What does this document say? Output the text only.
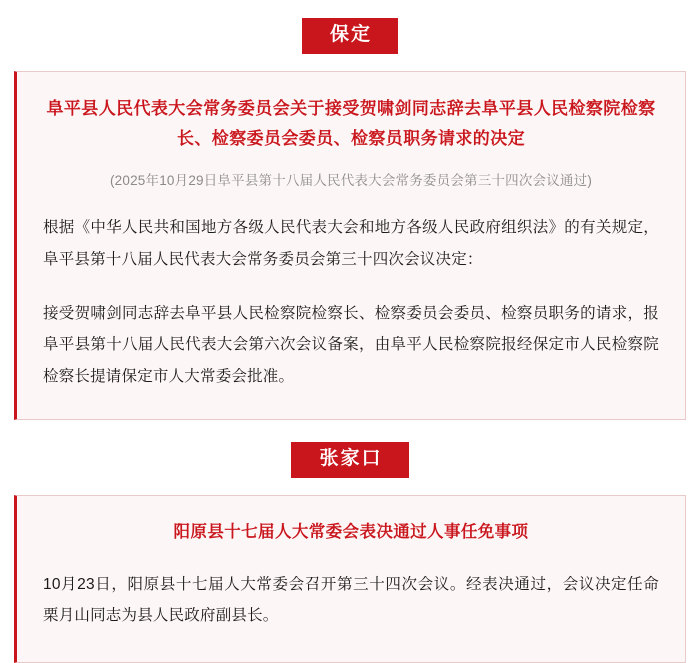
保定
阜平县人民代表大会常务委员会关于接受贺啸剑同志辞去阜平县人民检察院检察长、检察委员会委员、检察员职务请求的决定
(2025年10月29日阜平县第十八届人民代表大会常务委员会第三十四次会议通过)
根据《中华人民共和国地方各级人民代表大会和地方各级人民政府组织法》的有关规定，阜平县第十八届人民代表大会常务委员会第三十四次会议决定：
接受贺啸剑同志辞去阜平县人民检察院检察长、检察委员会委员、检察员职务的请求，报阜平县第十八届人民代表大会第六次会议备案，由阜平人民检察院报经保定市人民检察院检察长提请保定市人大常委会批准。
张家口
阳原县十七届人大常委会表决通过人事任免事项
10月23日，阳原县十七届人大常委会召开第三十四次会议。经表决通过，会议决定任命栗月山同志为县人民政府副县长。
